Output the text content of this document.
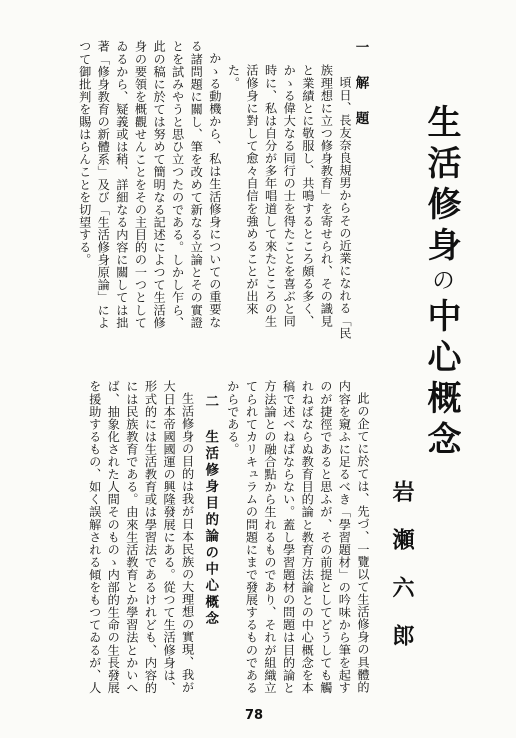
生活修身の中心概念
岩瀬六郎
一 解 題

頃日、長友奈良規男からその近業になれる「民族理想に立つ修身教育」を寄せられ、その識見と業績とに敬服し、共鳴するところ頗る多く、かゝる偉大なる同行の士を得たことを喜ぶと同時に、私は自分が多年唱道して來たところの生活修身に對して愈々自信を強めることが出來た。

かゝる動機から、私は生活修身についての重要なる諸問題に關し、筆を改めて新なる立論とその實證とを試みやうと思ひ立つたのである。しかし乍ら、此の稿に於ては努めて簡明なる記述によつて生活修身の要領を概觀せんことをその主目的の一つとしてゐるから、疑義或は稍、詳細なる内容に關しては拙著「修身教育の新體系」及び「生活修身原論」によつて御批判を賜はらんことを切望する。

此の企てに於ては、先づ、一覽以て生活修身の具體的内容を窺ふに足るべき「學習題材」の吟味から筆を起すのが捷徑であると思ふが、その前提としてどうしても觸れねばならぬ教育目的論と教育方法論との中心概念を本稿で述べねばならない。蓋し學習題材の問題は目的論と方法論との融合點から生れるものであり、それが組織立てられてカリキュラムの問題にまで發展するものであるからである。

二 生活修身目的論の中心概念

生活修身の目的は我が日本民族の大理想の實現、我が大日本帝國國運の興隆發展にある。從つて生活修身は、形式的には生活教育或は學習法であるけれども、内容的には民族教育である。由來生活教育とか學習法とかいへば、抽象化された人間そのものゝ内部的生命の生長發展を援助するもの、如く誤解される傾をもつてゐるが、人

78
